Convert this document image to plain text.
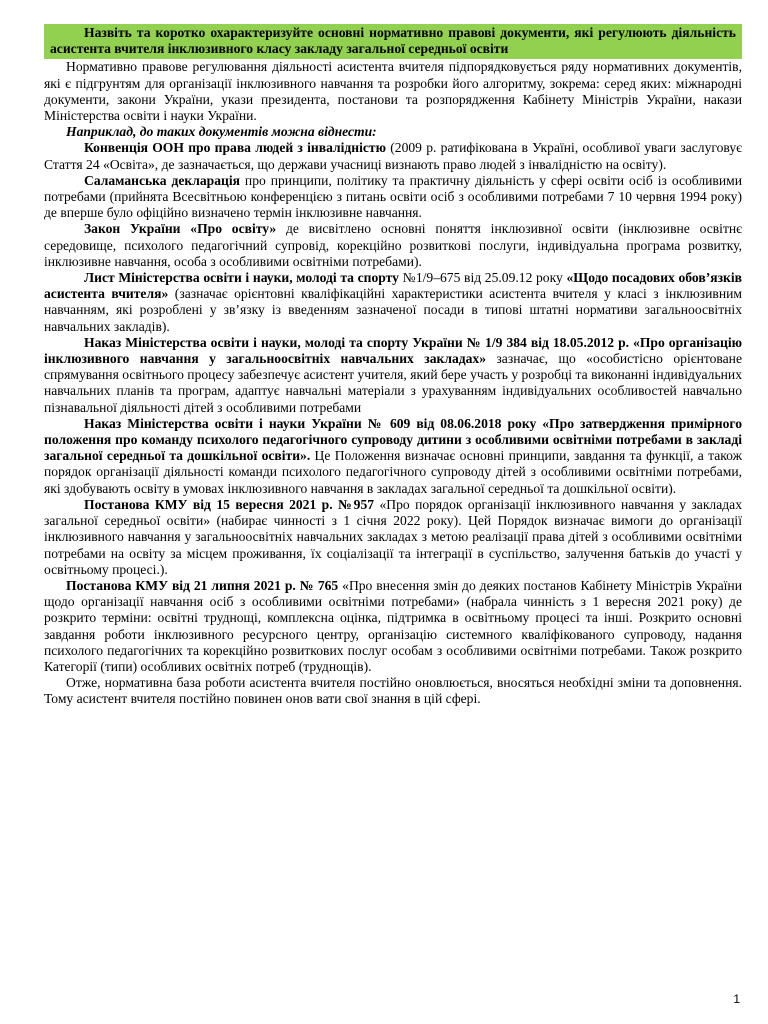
Назвіть та коротко охарактеризуйте основні нормативно правові документи, які регулюють діяльність асистента вчителя інклюзивного класу закладу загальної середньої освіти

Нормативно правове регулювання діяльності асистента вчителя підпорядковується ряду нормативних документів, які є підгрунтям для організації інклюзивного навчання та розробки його алгоритму, зокрема: серед яких: міжнародні документи, закони України, укази президента, постанови та розпорядження Кабінету Міністрів України, накази Міністерства освіти і науки України.

Наприклад, до таких документів можна віднести:

Конвенція ООН про права людей з інвалідністю (2009 р. ратифікована в Україні, особливої уваги заслуговує Стаття 24 «Освіта», де зазначається, що держави учасниці визнають право людей з інвалідністю на освіту).

Саламанська декларація про принципи, політику та практичну діяльність у сфері освіти осіб із особливими потребами (прийнята Всесвітньою конференцією з питань освіти осіб з особливими потребами 7 10 червня 1994 року) де вперше було офіційно визначено термін інклюзивне навчання.

Закон України «Про освіту» де висвітлено основні поняття інклюзивної освіти (інклюзивне освітнє середовище, психолого педагогічний супровід, корекційно розвиткові послуги, індивідуальна програма розвитку, інклюзивне навчання, особа з особливими освітніми потребами).

Лист Міністерства освіти і науки, молоді та спорту №1/9–675 від 25.09.12 року «Щодо посадових обов’язків асистента вчителя» (зазначає орієнтовні кваліфікаційні характеристики асистента вчителя у класі з інклюзивним навчанням, які розроблені у зв’язку із введенням зазначеної посади в типові штатні нормативи загальноосвітніх навчальних закладів).

Наказ Міністерства освіти і науки, молоді та спорту України № 1/9 384 від 18.05.2012 р. «Про організацію інклюзивного навчання у загальноосвітніх навчальних закладах» зазначає, що «особистісно орієнтоване спрямування освітнього процесу забезпечує асистент учителя, який бере участь у розробці та виконанні індивідуальних навчальних планів та програм, адаптує навчальні матеріали з урахуванням індивідуальних особливостей навчально пізнавальної діяльності дітей з особливими потребами

Наказ Міністерства освіти і науки України № 609 від 08.06.2018 року «Про затвердження примірного положення про команду психолого педагогічного супроводу дитини з особливими освітніми потребами в закладі загальної середньої та дошкільної освіти». Це Положення визначає основні принципи, завдання та функції, а також порядок організації діяльності команди психолого педагогічного супроводу дітей з особливими освітніми потребами, які здобувають освіту в умовах інклюзивного навчання в закладах загальної середньої та дошкільної освіти).

Постанова КМУ від 15 вересня 2021 р. №957 «Про порядок організації інклюзивного навчання у закладах загальної середньої освіти» (набирає чинності з 1 січня 2022 року). Цей Порядок визначає вимоги до організації інклюзивного навчання у загальноосвітніх навчальних закладах з метою реалізації права дітей з особливими освітніми потребами на освіту за місцем проживання, їх соціалізації та інтеграції в суспільство, залучення батьків до участі у освітньому процесі.).

Постанова КМУ від 21 липня 2021 р. № 765 «Про внесення змін до деяких постанов Кабінету Міністрів України щодо організації навчання осіб з особливими освітніми потребами» (набрала чинність з 1 вересня 2021 року) де розкрито терміни: освітні труднощі, комплексна оцінка, підтримка в освітньому процесі та інші. Розкрито основні завдання роботи інклюзивного ресурсного центру, організацію системного кваліфікованого супроводу, надання психолого педагогічних та корекційно розвиткових послуг особам з особливими освітніми потребами. Також розкрито Категорії (типи) особливих освітніх потреб (труднощів).

Отже, нормативна база роботи асистента вчителя постійно оновлюється, вносяться необхідні зміни та доповнення. Тому асистент вчителя постійно повинен онов вати свої знання в цій сфері.

1
